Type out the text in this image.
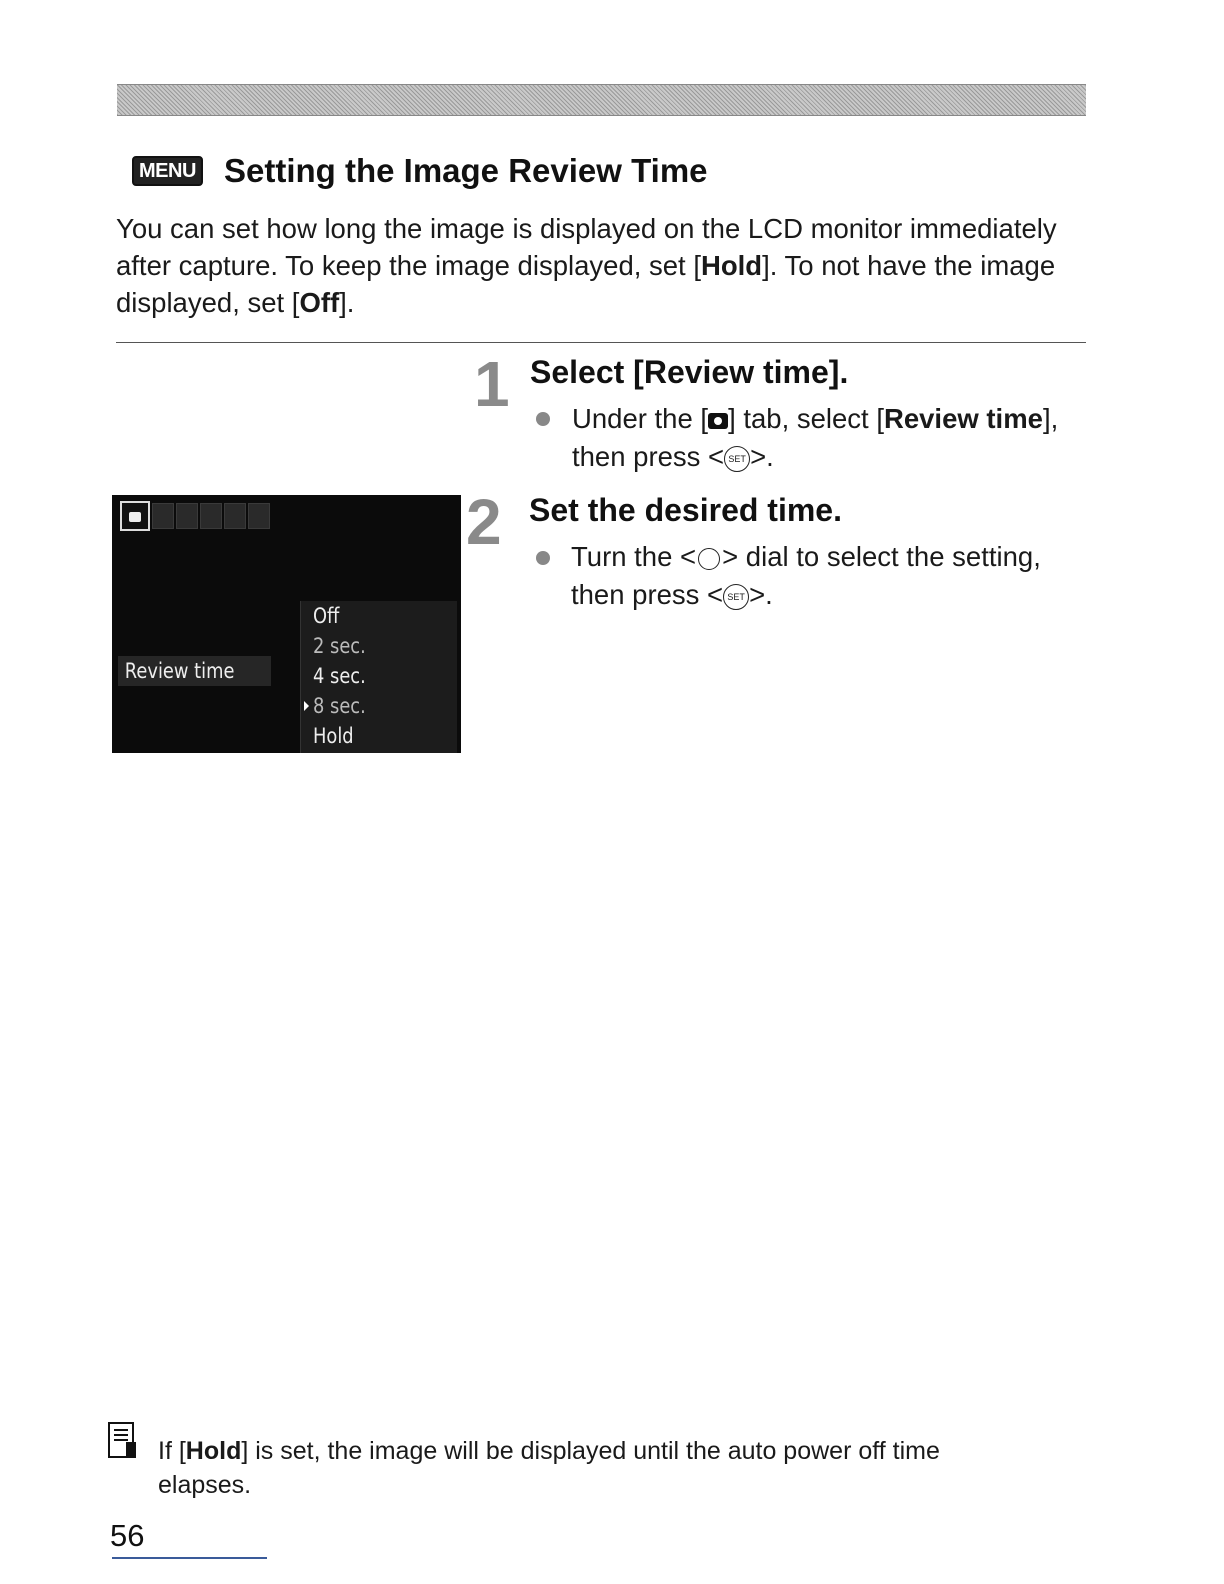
MENU Setting the Image Review Time

You can set how long the image is displayed on the LCD monitor immediately after capture. To keep the image displayed, set [Hold]. To not have the image displayed, set [Off].

1 Select [Review time].

Under the [ ] tab, select [Review time], then press < SET >.

2 Set the desired time.

Turn the < > dial to select the setting, then press < SET >.

Review time
Off
2 sec.
4 sec.
8 sec.
Hold

If [Hold] is set, the image will be displayed until the auto power off time elapses.

56
